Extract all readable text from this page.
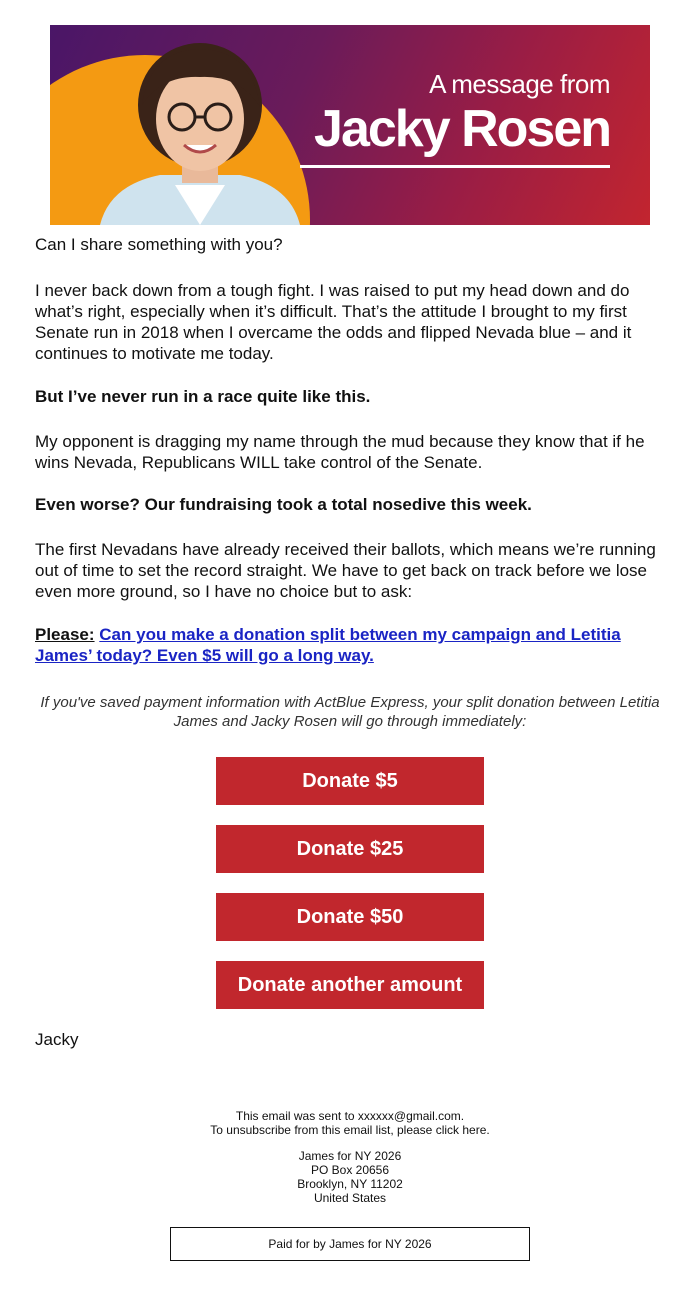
A message from
Jacky Rosen

Can I share something with you?

I never back down from a tough fight. I was raised to put my head down and do what’s right, especially when it’s difficult. That’s the attitude I brought to my first Senate run in 2018 when I overcame the odds and flipped Nevada blue – and it continues to motivate me today.

But I’ve never run in a race quite like this.

My opponent is dragging my name through the mud because they know that if he wins Nevada, Republicans WILL take control of the Senate.

Even worse? Our fundraising took a total nosedive this week.

The first Nevadans have already received their ballots, which means we’re running out of time to set the record straight. We have to get back on track before we lose even more ground, so I have no choice but to ask:

Please: Can you make a donation split between my campaign and Letitia James’ today? Even $5 will go a long way.

If you've saved payment information with ActBlue Express, your split donation between Letitia James and Jacky Rosen will go through immediately:
Donate $5
Donate $25
Donate $50
Donate another amount
Jacky
This email was sent to xxxxxx@gmail.com.
To unsubscribe from this email list, please click here.
James for NY 2026
PO Box 20656
Brooklyn, NY 11202
United States
Paid for by James for NY 2026
